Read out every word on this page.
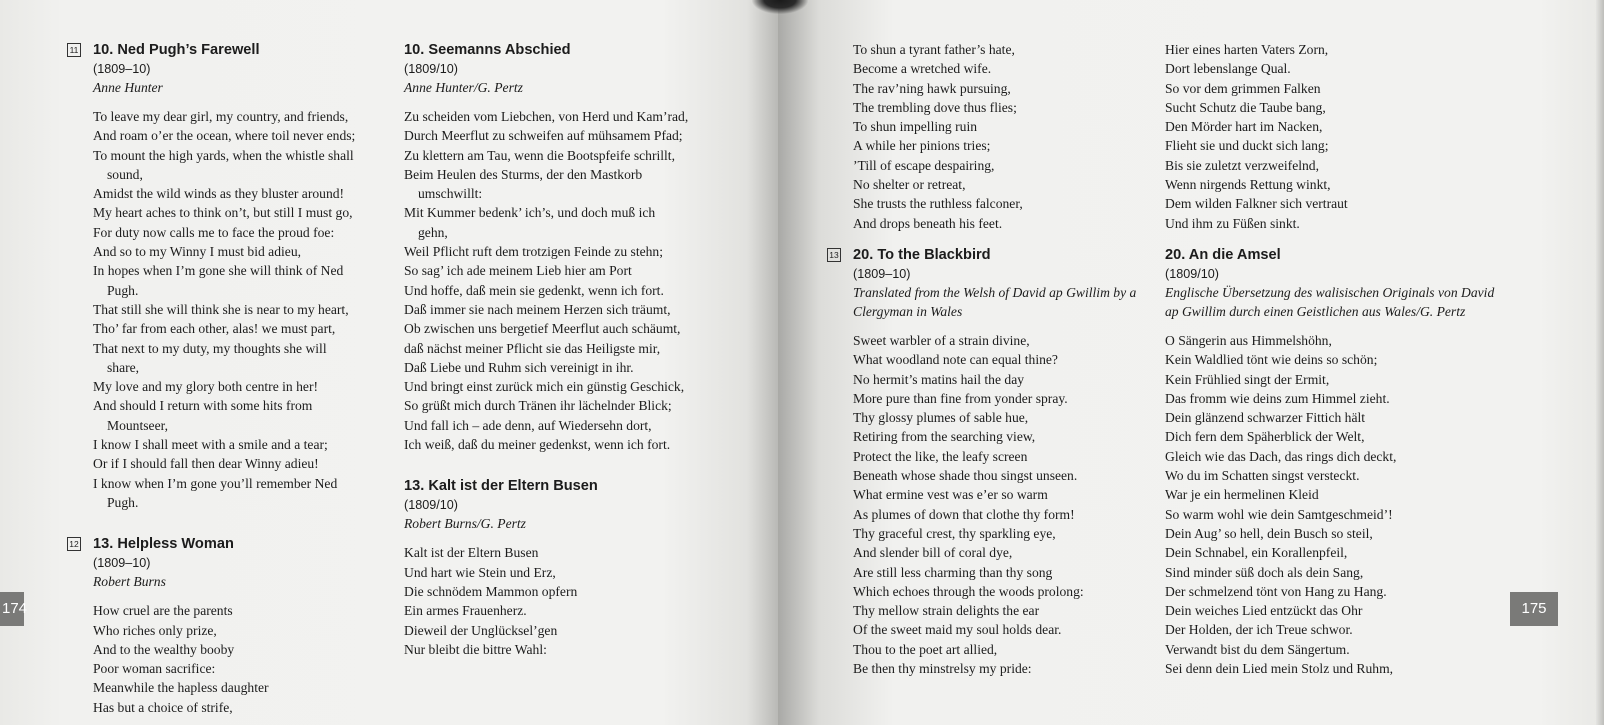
11 10. Ned Pugh’s Farewell
(1809–10)
Anne Hunter

To leave my dear girl, my country, and friends,
And roam o’er the ocean, where toil never ends;
To mount the high yards, when the whistle shall
sound,
Amidst the wild winds as they bluster around!
My heart aches to think on’t, but still I must go,
For duty now calls me to face the proud foe:
And so to my Winny I must bid adieu,
In hopes when I’m gone she will think of Ned
Pugh.

That still she will think she is near to my heart,
Tho’ far from each other, alas! we must part,
That next to my duty, my thoughts she will
share,
My love and my glory both centre in her!
And should I return with some hits from
Mountseer,
I know I shall meet with a smile and a tear;
Or if I should fall then dear Winny adieu!
I know when I’m gone you’ll remember Ned
Pugh.

12 13. Helpless Woman
(1809–10)
Robert Burns

How cruel are the parents
Who riches only prize,
And to the wealthy booby
Poor woman sacrifice:
Meanwhile the hapless daughter
Has but a choice of strife,

10. Seemanns Abschied
(1809/10)
Anne Hunter/G. Pertz

Zu scheiden vom Liebchen, von Herd und Kam’rad,
Durch Meerflut zu schweifen auf mühsamem Pfad;
Zu klettern am Tau, wenn die Bootspfeife schrillt,
Beim Heulen des Sturms, der den Mastkorb
umschwillt:
Mit Kummer bedenk’ ich’s, und doch muß ich
gehn,
Weil Pflicht ruft dem trotzigen Feinde zu stehn;
So sag’ ich ade meinem Lieb hier am Port
Und hoffe, daß mein sie gedenkt, wenn ich fort.

Daß immer sie nach meinem Herzen sich träumt,
Ob zwischen uns bergetief Meerflut auch schäumt,
daß nächst meiner Pflicht sie das Heiligste mir,
Daß Liebe und Ruhm sich vereinigt in ihr.
Und bringt einst zurück mich ein günstig Geschick,
So grüßt mich durch Tränen ihr lächelnder Blick;
Und fall ich – ade denn, auf Wiedersehn dort,
Ich weiß, daß du meiner gedenkst, wenn ich fort.

13. Kalt ist der Eltern Busen
(1809/10)
Robert Burns/G. Pertz

Kalt ist der Eltern Busen
Und hart wie Stein und Erz,
Die schnödem Mammon opfern
Ein armes Frauenherz.
Dieweil der Unglücksel’gen
Nur bleibt die bittre Wahl:

174

To shun a tyrant father’s hate,
Become a wretched wife.

The rav’ning hawk pursuing,
The trembling dove thus flies;
To shun impelling ruin
A while her pinions tries;
’Till of escape despairing,
No shelter or retreat,
She trusts the ruthless falconer,
And drops beneath his feet.

13 20. To the Blackbird
(1809–10)
Translated from the Welsh of David ap Gwillim by a Clergyman in Wales

Sweet warbler of a strain divine,
What woodland note can equal thine?
No hermit’s matins hail the day
More pure than fine from yonder spray.
Thy glossy plumes of sable hue,
Retiring from the searching view,
Protect the like, the leafy screen
Beneath whose shade thou singst unseen.

What ermine vest was e’er so warm
As plumes of down that clothe thy form!
Thy graceful crest, thy sparkling eye,
And slender bill of coral dye,
Are still less charming than thy song
Which echoes through the woods prolong:
Thy mellow strain delights the ear
Of the sweet maid my soul holds dear.

Thou to the poet art allied,
Be then thy minstrelsy my pride:

Hier eines harten Vaters Zorn,
Dort lebenslange Qual.

So vor dem grimmen Falken
Sucht Schutz die Taube bang,
Den Mörder hart im Nacken,
Flieht sie und duckt sich lang;
Bis sie zuletzt verzweifelnd,
Wenn nirgends Rettung winkt,
Dem wilden Falkner sich vertraut
Und ihm zu Füßen sinkt.

20. An die Amsel
(1809/10)
Englische Übersetzung des walisischen Originals von David ap Gwillim durch einen Geistlichen aus Wales/G. Pertz

O Sängerin aus Himmelshöhn,
Kein Waldlied tönt wie deins so schön;
Kein Frühlied singt der Ermit,
Das fromm wie deins zum Himmel zieht.
Dein glänzend schwarzer Fittich hält
Dich fern dem Späherblick der Welt,
Gleich wie das Dach, das rings dich deckt,
Wo du im Schatten singst versteckt.

War je ein hermelinen Kleid
So warm wohl wie dein Samtgeschmeid’!
Dein Aug’ so hell, dein Busch so steil,
Dein Schnabel, ein Korallenpfeil,
Sind minder süß doch als dein Sang,
Der schmelzend tönt von Hang zu Hang.
Dein weiches Lied entzückt das Ohr
Der Holden, der ich Treue schwor.

Verwandt bist du dem Sängertum.
Sei denn dein Lied mein Stolz und Ruhm,

175
